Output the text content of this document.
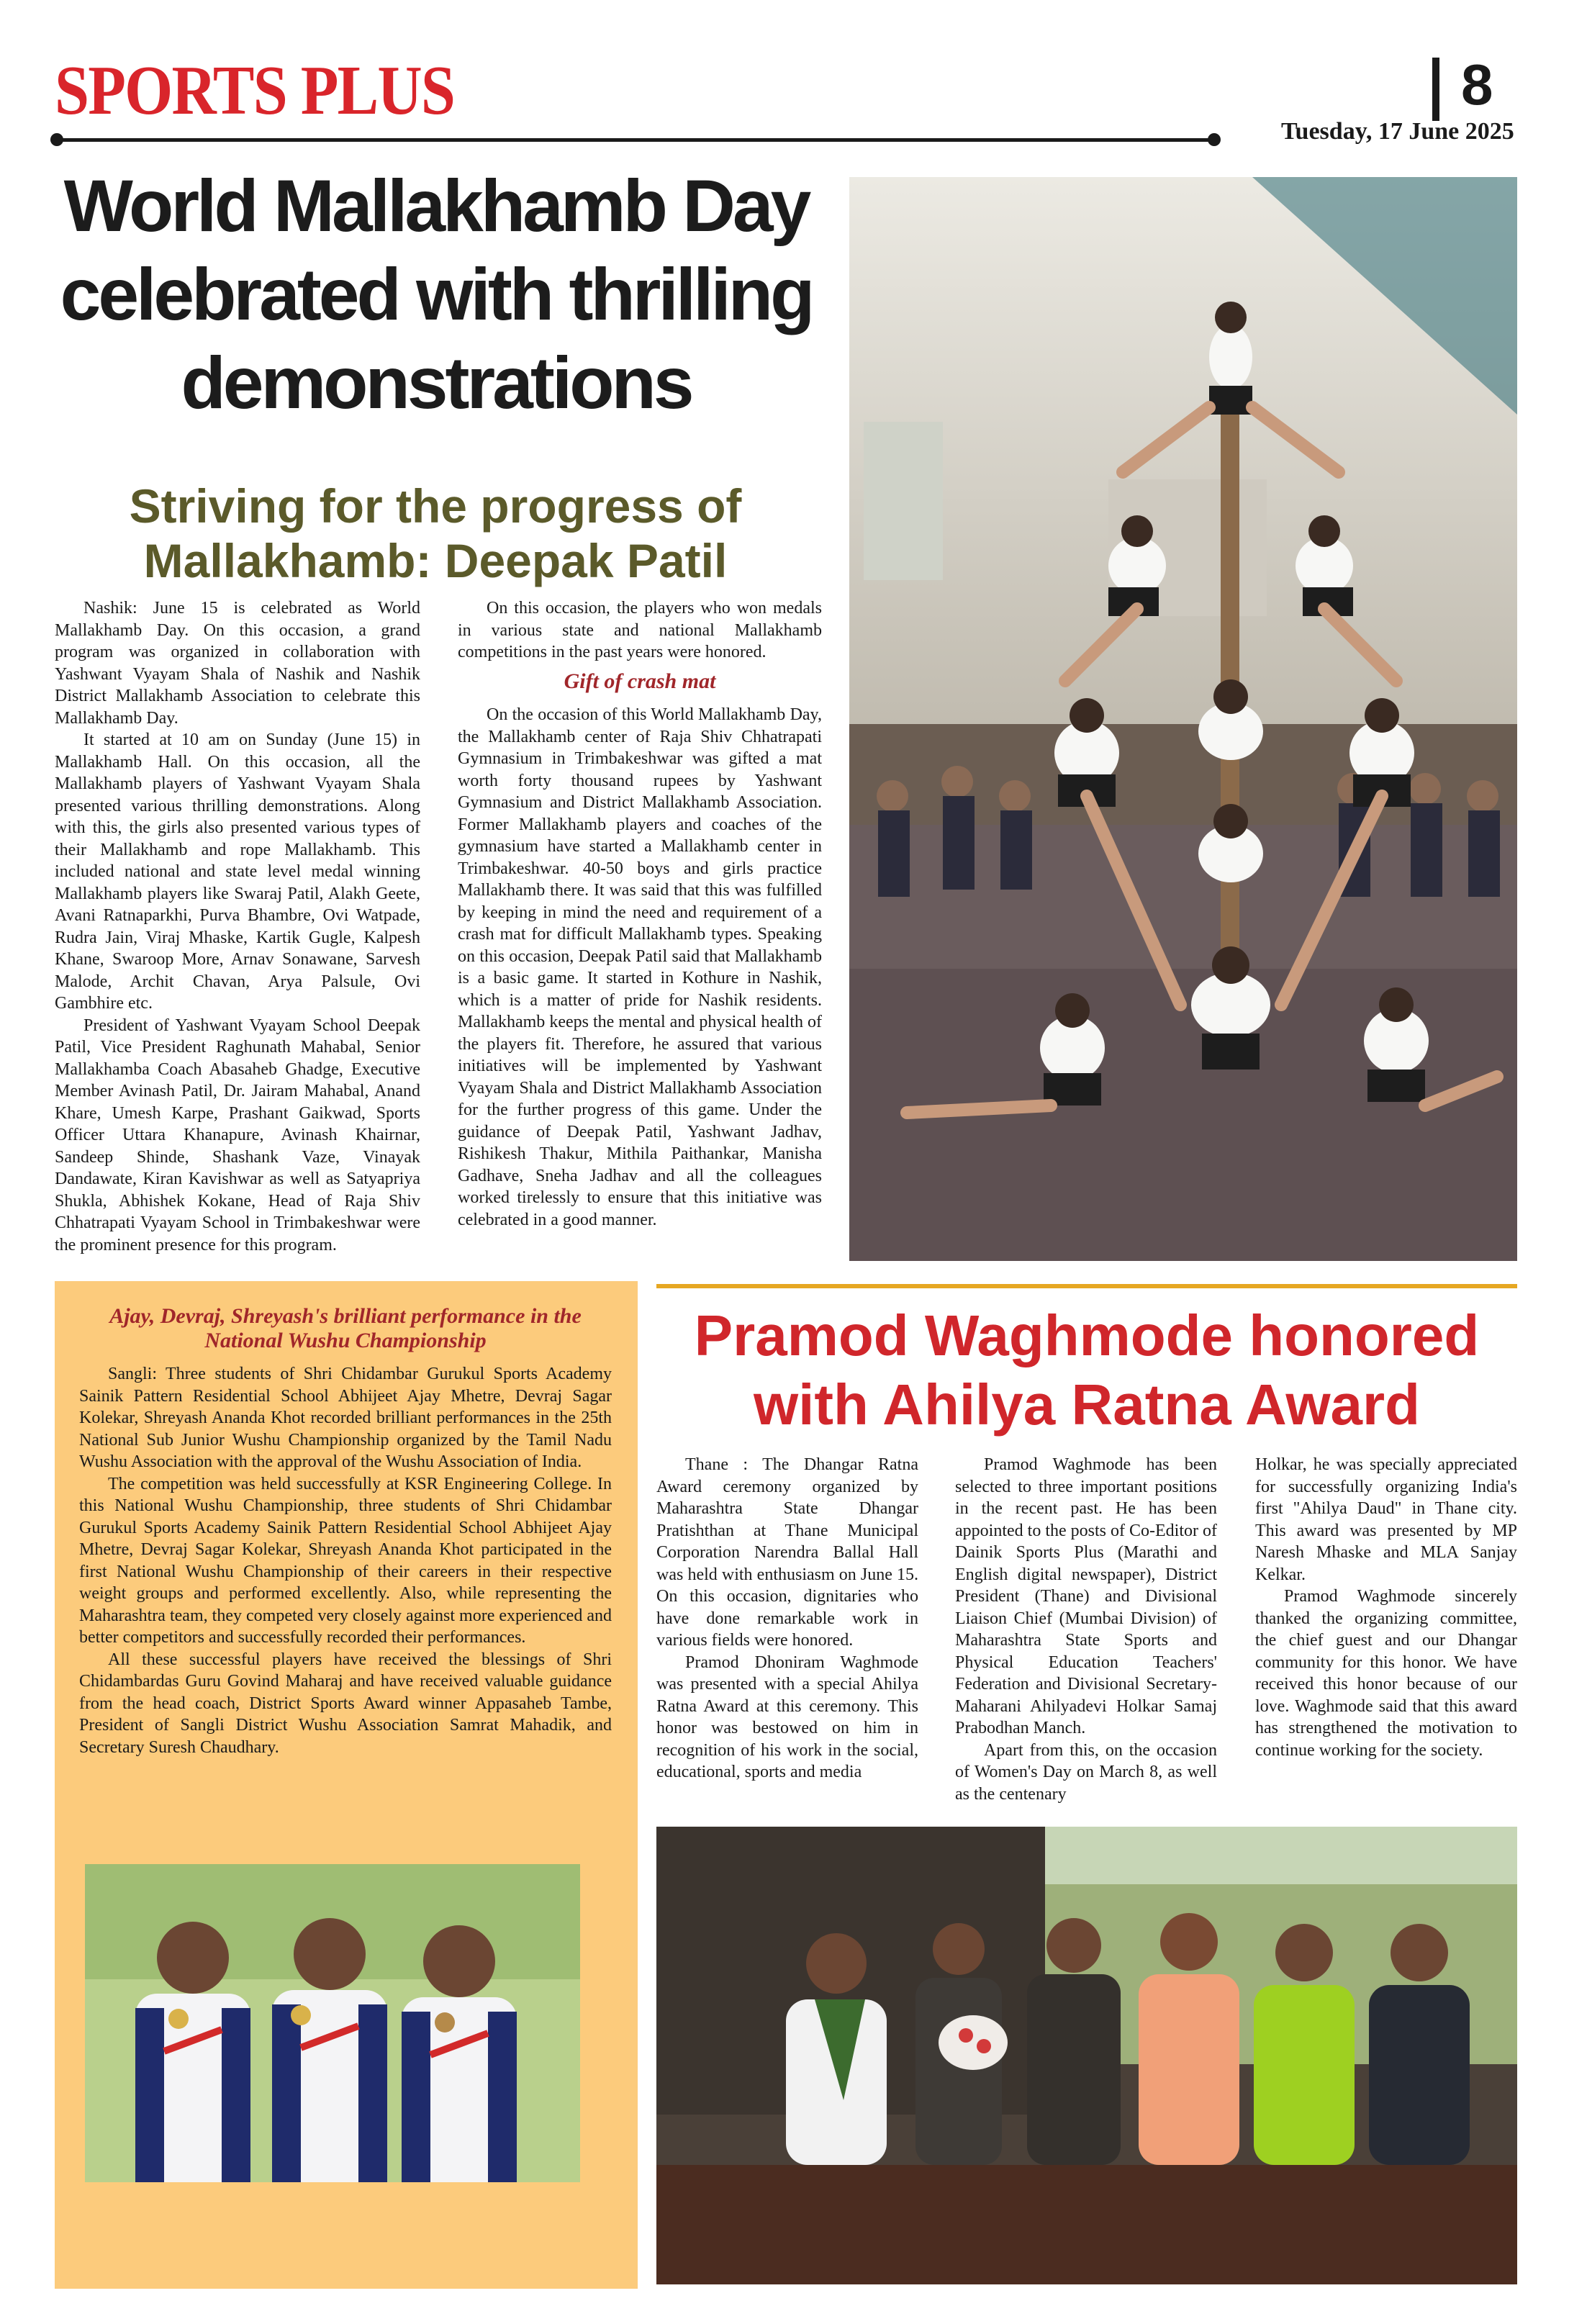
SPORTS PLUS	8
Tuesday, 17 June 2025
World Mallakhamb Day celebrated with thrilling demonstrations
Striving for the progress of Mallakhamb: Deepak Patil

Nashik: June 15 is celebrated as World Mallakhamb Day. On this occasion, a grand program was organized in collaboration with Yashwant Vyayam Shala of Nashik and Nashik District Mallakhamb Association to celebrate this Mallakhamb Day.

It started at 10 am on Sunday (June 15) in Mallakhamb Hall. On this occasion, all the Mallakhamb players of Yashwant Vyayam Shala presented various thrilling demonstrations. Along with this, the girls also presented various types of their Mallakhamb and rope Mallakhamb. This included national and state level medal winning Mallakhamb players like Swaraj Patil, Alakh Geete, Avani Ratnaparkhi, Purva Bhambre, Ovi Watpade, Rudra Jain, Viraj Mhaske, Kartik Gugle, Kalpesh Khane, Swaroop More, Arnav Sonawane, Sarvesh Malode, Archit Chavan, Arya Palsule, Ovi Gambhire etc.

President of Yashwant Vyayam School Deepak Patil, Vice President Raghunath Mahabal, Senior Mallakhamba Coach Abasaheb Ghadge, Executive Member Avinash Patil, Dr. Jairam Mahabal, Anand Khare, Umesh Karpe, Prashant Gaikwad, Sports Officer Uttara Khanapure, Avinash Khairnar, Sandeep Shinde, Shashank Vaze, Vinayak Dandawate, Kiran Kavishwar as well as Satyapriya Shukla, Abhishek Kokane, Head of Raja Shiv Chhatrapati Vyayam School in Trimbakeshwar were the prominent presence for this program.

On this occasion, the players who won medals in various state and national Mallakhamb competitions in the past years were honored.

Gift of crash mat

On the occasion of this World Mallakhamb Day, the Mallakhamb center of Raja Shiv Chhatrapati Gymnasium in Trimbakeshwar was gifted a mat worth forty thousand rupees by Yashwant Gymnasium and District Mallakhamb Association. Former Mallakhamb players and coaches of the gymnasium have started a Mallakhamb center in Trimbakeshwar. 40-50 boys and girls practice Mallakhamb there. It was said that this was fulfilled by keeping in mind the need and requirement of a crash mat for difficult Mallakhamb types. Speaking on this occasion, Deepak Patil said that Mallakhamb is a basic game. It started in Kothure in Nashik, which is a matter of pride for Nashik residents. Mallakhamb keeps the mental and physical health of the players fit. Therefore, he assured that various initiatives will be implemented by Yashwant Vyayam Shala and District Mallakhamb Association for the further progress of this game. Under the guidance of Deepak Patil, Yashwant Jadhav, Rishikesh Thakur, Mithila Paithankar, Manisha Gadhave, Sneha Jadhav and all the colleagues worked tirelessly to ensure that this initiative was celebrated in a good manner.

Ajay, Devraj, Shreyash's brilliant performance in the National Wushu Championship

Sangli: Three students of Shri Chidambar Gurukul Sports Academy Sainik Pattern Residential School Abhijeet Ajay Mhetre, Devraj Sagar Kolekar, Shreyash Ananda Khot recorded brilliant performances in the 25th National Sub Junior Wushu Championship organized by the Tamil Nadu Wushu Association with the approval of the Wushu Association of India.

The competition was held successfully at KSR Engineering College. In this National Wushu Championship, three students of Shri Chidambar Gurukul Sports Academy Sainik Pattern Residential School Abhijeet Ajay Mhetre, Devraj Sagar Kolekar, Shreyash Ananda Khot participated in the first National Wushu Championship of their careers in their respective weight groups and performed excellently. Also, while representing the Maharashtra team, they competed very closely against more experienced and better competitors and successfully recorded their performances.

All these successful players have received the blessings of Shri Chidambardas Guru Govind Maharaj and have received valuable guidance from the head coach, District Sports Award winner Appasaheb Tambe, President of Sangli District Wushu Association Samrat Mahadik, and Secretary Suresh Chaudhary.

Pramod Waghmode honored with Ahilya Ratna Award

Thane : The Dhangar Ratna Award ceremony organized by Maharashtra State Dhangar Pratishthan at Thane Municipal Corporation Narendra Ballal Hall was held with enthusiasm on June 15. On this occasion, dignitaries who have done remarkable work in various fields were honored.

Pramod Dhoniram Waghmode was presented with a special Ahilya Ratna Award at this ceremony. This honor was bestowed on him in recognition of his work in the social, educational, sports and media

Pramod Waghmode has been selected to three important positions in the recent past. He has been appointed to the posts of Co-Editor of Dainik Sports Plus (Marathi and English digital newspaper), District President (Thane) and Divisional Liaison Chief (Mumbai Division) of Maharashtra State Sports and Physical Education Teachers' Federation and Divisional Secretary- Maharani Ahilyadevi Holkar Samaj Prabodhan Manch.

Apart from this, on the occasion of Women's Day on March 8, as well as the centenary

Holkar, he was specially appreciated for successfully organizing India's first "Ahilya Daud" in Thane city. This award was presented by MP Naresh Mhaske and MLA Sanjay Kelkar.

Pramod Waghmode sincerely thanked the organizing committee, the chief guest and our Dhangar community for this honor. We have received this honor because of our love. Waghmode said that this award has strengthened the motivation to continue working for the society.
